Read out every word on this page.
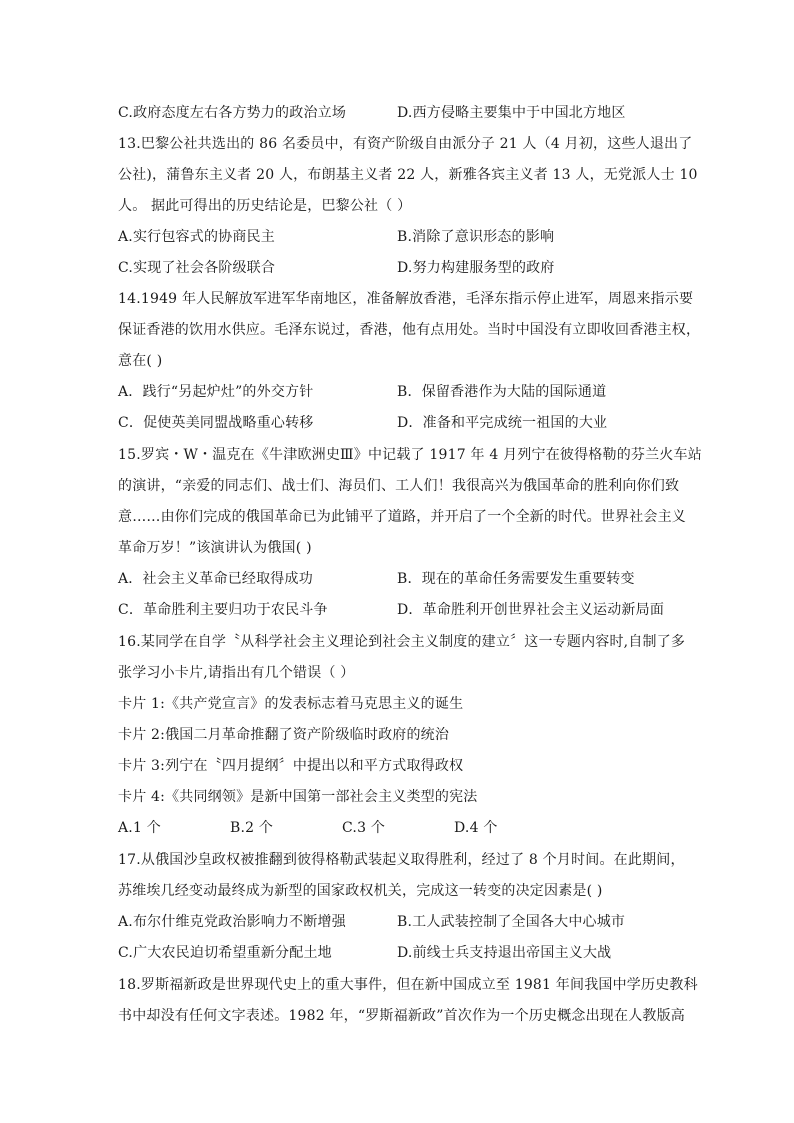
C.政府态度左右各方势力的政治立场	D.西方侵略主要集中于中国北方地区
13.巴黎公社共选出的 86 名委员中，有资产阶级自由派分子 21 人（4 月初，这些人退出了
公社)，蒲鲁东主义者 20 人，布朗基主义者 22 人，新雅各宾主义者 13 人，无党派人士 10
人。 据此可得出的历史结论是，巴黎公社（ ）
A.实行包容式的协商民主	B.消除了意识形态的影响
C.实现了社会各阶级联合	D.努力构建服务型的政府
14.1949 年人民解放军进军华南地区，准备解放香港，毛泽东指示停止进军，周恩来指示要
保证香港的饮用水供应。毛泽东说过，香港，他有点用处。当时中国没有立即收回香港主权，
意在( )
A．践行“另起炉灶”的外交方针	B．保留香港作为大陆的国际通道
C．促使英美同盟战略重心转移	D．准备和平完成统一祖国的大业
15.罗宾・W・温克在《牛津欧洲史Ⅲ》中记载了 1917 年 4 月列宁在彼得格勒的芬兰火车站
的演讲，“亲爱的同志们、战士们、海员们、工人们！我很高兴为俄国革命的胜利向你们致
意……由你们完成的俄国革命已为此铺平了道路，并开启了一个全新的时代。世界社会主义
革命万岁！”该演讲认为俄国( )
A．社会主义革命已经取得成功	B．现在的革命任务需要发生重要转变
C．革命胜利主要归功于农民斗争	D．革命胜利开创世界社会主义运动新局面
16.某同学在自学〝从科学社会主义理论到社会主义制度的建立〞这一专题内容时,自制了多
张学习小卡片,请指出有几个错误（ ）
卡片 1:《共产党宣言》的发表标志着马克思主义的诞生
卡片 2:俄国二月革命推翻了资产阶级临时政府的统治
卡片 3:列宁在〝四月提纲〞中提出以和平方式取得政权
卡片 4:《共同纲领》是新中国第一部社会主义类型的宪法
A.1 个	B.2 个	C.3 个	D.4 个
17.从俄国沙皇政权被推翻到彼得格勒武装起义取得胜利，经过了 8 个月时间。在此期间，
苏维埃几经变动最终成为新型的国家政权机关，完成这一转变的决定因素是( )
A.布尔什维克党政治影响力不断增强	B.工人武装控制了全国各大中心城市
C.广大农民迫切希望重新分配土地	D.前线士兵支持退出帝国主义大战
18.罗斯福新政是世界现代史上的重大事件，但在新中国成立至 1981 年间我国中学历史教科
书中却没有任何文字表述。1982 年，“罗斯福新政”首次作为一个历史概念出现在人教版高
